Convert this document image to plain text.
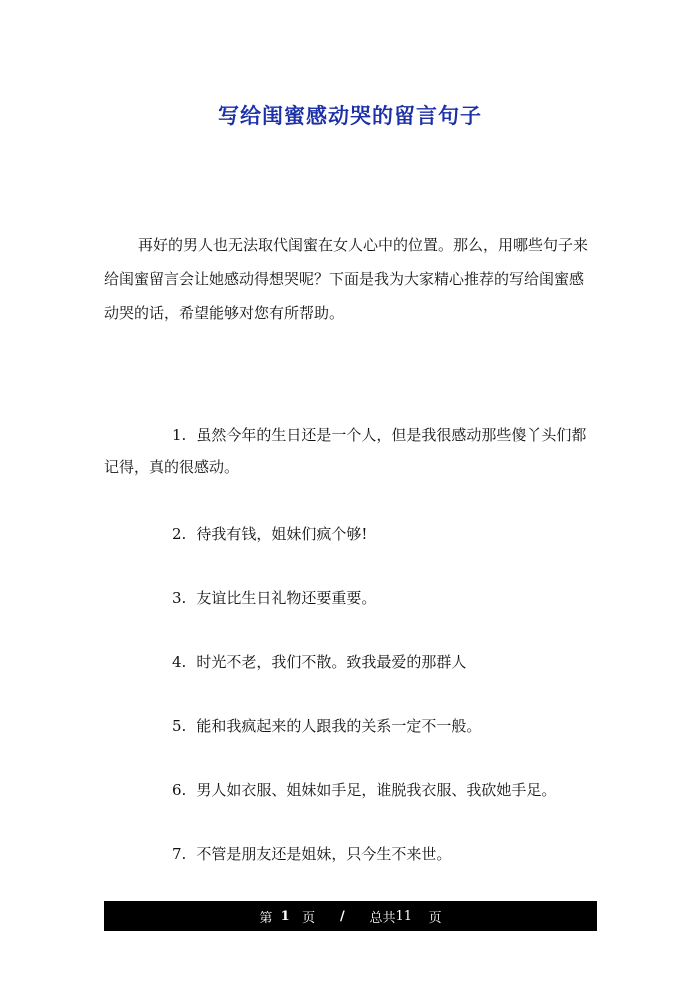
写给闺蜜感动哭的留言句子

再好的男人也无法取代闺蜜在女人心中的位置。那么，用哪些句子来给闺蜜留言会让她感动得想哭呢？下面是我为大家精心推荐的写给闺蜜感动哭的话，希望能够对您有所帮助。

1. 虽然今年的生日还是一个人，但是我很感动那些傻丫头们都记得，真的很感动。

2. 待我有钱，姐妹们疯个够!

3. 友谊比生日礼物还要重要。

4. 时光不老，我们不散。致我最爱的那群人

5. 能和我疯起来的人跟我的关系一定不一般。

6. 男人如衣服、姐妹如手足，谁脱我衣服、我砍她手足。

7. 不管是朋友还是姐妹，只今生不来世。

第
1
页
/
总共 11
页
